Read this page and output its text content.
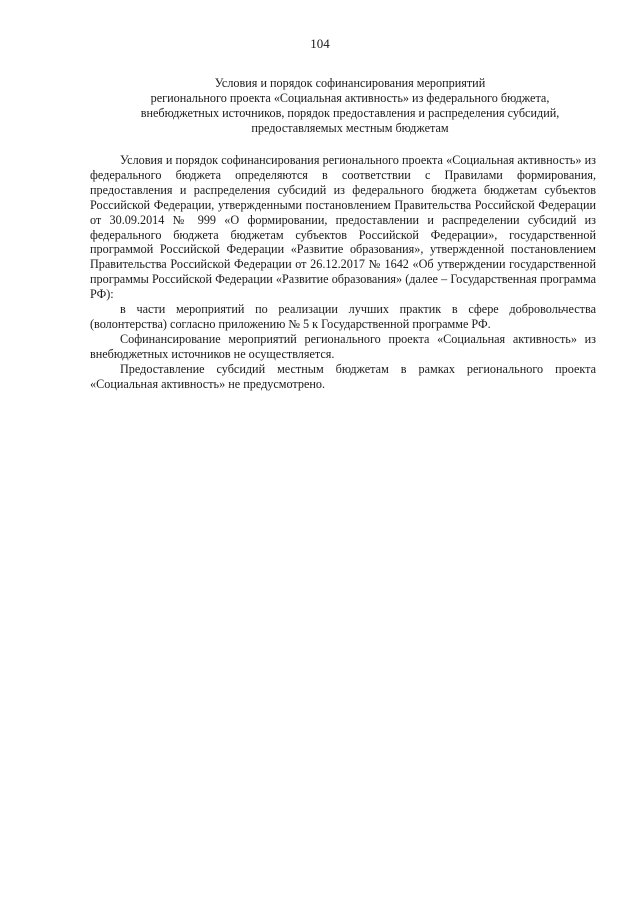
104
Условия и порядок софинансирования мероприятий
регионального проекта «Социальная активность» из федерального бюджета,
внебюджетных источников, порядок предоставления и распределения субсидий,
предоставляемых местным бюджетам

Условия и порядок софинансирования регионального проекта «Социальная активность» из федерального бюджета определяются в соответствии с Правилами формирования, предоставления и распределения субсидий из федерального бюджета бюджетам субъектов Российской Федерации, утвержденными постановлением Правительства Российской Федерации от 30.09.2014 № 999 «О формировании, предоставлении и распределении субсидий из федерального бюджета бюджетам субъектов Российской Федерации», государственной программой Российской Федерации «Развитие образования», утвержденной постановлением Правительства Российской Федерации от 26.12.2017 № 1642 «Об утверждении государственной программы Российской Федерации «Развитие образования» (далее – Государственная программа РФ):

в части мероприятий по реализации лучших практик в сфере добровольчества (волонтерства) согласно приложению № 5 к Государственной программе РФ.

Софинансирование мероприятий регионального проекта «Социальная активность» из внебюджетных источников не осуществляется.

Предоставление субсидий местным бюджетам в рамках регионального проекта «Социальная активность» не предусмотрено.
